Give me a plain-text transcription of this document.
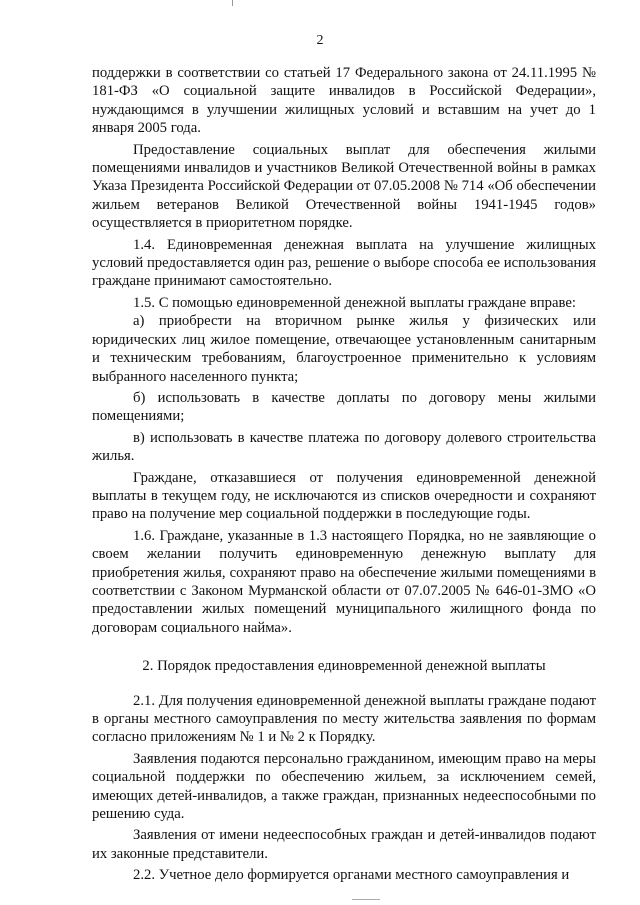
2

поддержки в соответствии со статьей 17 Федерального закона от 24.11.1995 № 181-ФЗ «О социальной защите инвалидов в Российской Федерации», нуждающимся в улучшении жилищных условий и вставшим на учет до 1 января 2005 года.

Предоставление социальных выплат для обеспечения жилыми помещениями инвалидов и участников Великой Отечественной войны в рамках Указа Президента Российской Федерации от 07.05.2008 № 714 «Об обеспечении жильем ветеранов Великой Отечественной войны 1941-1945 годов» осуществляется в приоритетном порядке.

1.4. Единовременная денежная выплата на улучшение жилищных условий предоставляется один раз, решение о выборе способа ее использования граждане принимают самостоятельно.

1.5. С помощью единовременной денежной выплаты граждане вправе:

а) приобрести на вторичном рынке жилья у физических или юридических лиц жилое помещение, отвечающее установленным санитарным и техническим требованиям, благоустроенное применительно к условиям выбранного населенного пункта;

б) использовать в качестве доплаты по договору мены жилыми помещениями;

в) использовать в качестве платежа по договору долевого строительства жилья.

Граждане, отказавшиеся от получения единовременной денежной выплаты в текущем году, не исключаются из списков очередности и сохраняют право на получение мер социальной поддержки в последующие годы.

1.6. Граждане, указанные в 1.3 настоящего Порядка, но не заявляющие о своем желании получить единовременную денежную выплату для приобретения жилья, сохраняют право на обеспечение жилыми помещениями в соответствии с Законом Мурманской области от 07.07.2005 № 646-01-ЗМО «О предоставлении жилых помещений муниципального жилищного фонда по договорам социального найма».

2. Порядок предоставления единовременной денежной выплаты

2.1. Для получения единовременной денежной выплаты граждане подают в органы местного самоуправления по месту жительства заявления по формам согласно приложениям № 1 и № 2 к Порядку.

Заявления подаются персонально гражданином, имеющим право на меры социальной поддержки по обеспечению жильем, за исключением семей, имеющих детей-инвалидов, а также граждан, признанных недееспособными по решению суда.

Заявления от имени недееспособных граждан и детей-инвалидов подают их законные представители.

2.2. Учетное дело формируется органами местного самоуправления и
